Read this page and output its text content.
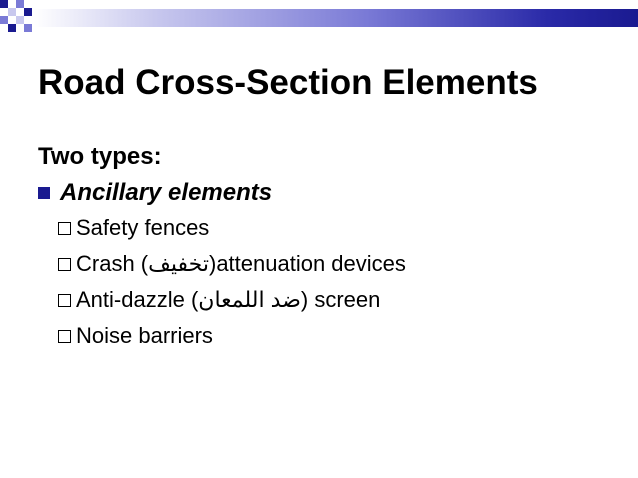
Road Cross-Section Elements
Two types:
Ancillary elements
Safety fences
Crash (تخفيف)attenuation devices
Anti-dazzle (ضد اللمعان) screen
Noise barriers
